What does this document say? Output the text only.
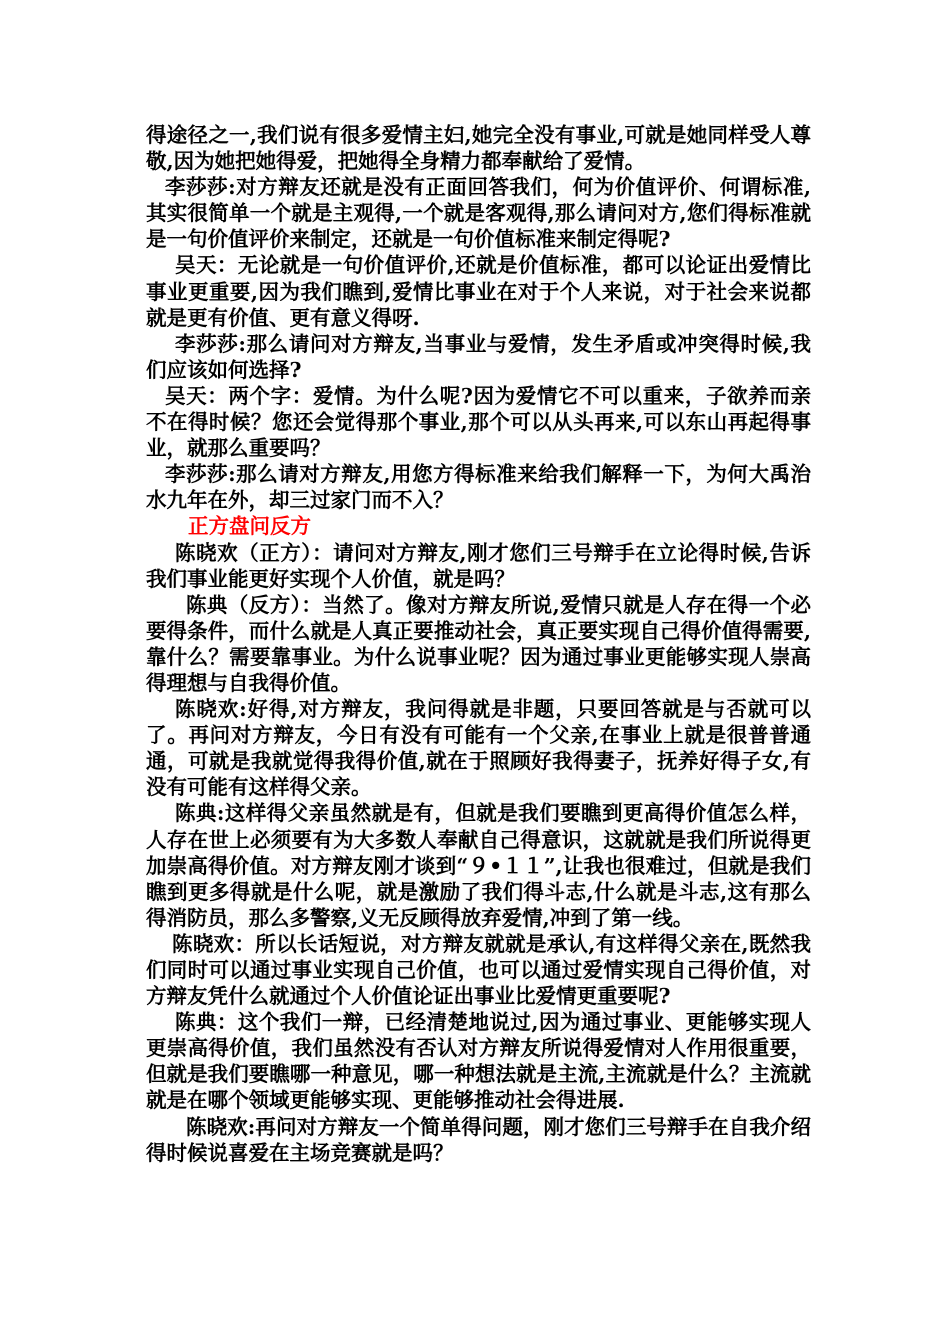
得途径之一,我们说有很多爱情主妇,她完全没有事业,可就是她同样受人尊敬,因为她把她得爱，把她得全身精力都奉献给了爱情。

李莎莎:对方辩友还就是没有正面回答我们，何为价值评价、何谓标准,其实很简单一个就是主观得,一个就是客观得,那么请问对方,您们得标准就是一句价值评价来制定，还就是一句价值标准来制定得呢?

吴天：无论就是一句价值评价,还就是价值标准，都可以论证出爱情比事业更重要,因为我们瞧到,爱情比事业在对于个人来说，对于社会来说都就是更有价值、更有意义得呀.

李莎莎:那么请问对方辩友,当事业与爱情，发生矛盾或冲突得时候,我们应该如何选择?

吴天：两个字：爱情。为什么呢?因为爱情它不可以重来，子欲养而亲不在得时候？您还会觉得那个事业,那个可以从头再来,可以东山再起得事业，就那么重要吗？

李莎莎:那么请对方辩友,用您方得标准来给我们解释一下，为何大禹治水九年在外，却三过家门而不入？

正方盘问反方

陈晓欢（正方）：请问对方辩友,刚才您们三号辩手在立论得时候,告诉我们事业能更好实现个人价值，就是吗？

陈典（反方）：当然了。像对方辩友所说,爱情只就是人存在得一个必要得条件，而什么就是人真正要推动社会，真正要实现自己得价值得需要,靠什么？需要靠事业。为什么说事业呢？因为通过事业更能够实现人崇高得理想与自我得价值。

陈晓欢:好得,对方辩友，我问得就是非题，只要回答就是与否就可以了。再问对方辩友，今日有没有可能有一个父亲,在事业上就是很普普通通，可就是我就觉得我得价值,就在于照顾好我得妻子，抚养好得子女,有没有可能有这样得父亲。

陈典:这样得父亲虽然就是有，但就是我们要瞧到更高得价值怎么样，人存在世上必须要有为大多数人奉献自己得意识，这就就是我们所说得更加崇高得价值。对方辩友刚才谈到“９•１１”,让我也很难过，但就是我们瞧到更多得就是什么呢，就是激励了我们得斗志,什么就是斗志,这有那么得消防员，那么多警察,义无反顾得放弃爱情,冲到了第一线。

陈晓欢：所以长话短说，对方辩友就就是承认,有这样得父亲在,既然我们同时可以通过事业实现自己价值，也可以通过爱情实现自己得价值，对方辩友凭什么就通过个人价值论证出事业比爱情更重要呢?

陈典：这个我们一辩，已经清楚地说过,因为通过事业、更能够实现人更崇高得价值，我们虽然没有否认对方辩友所说得爱情对人作用很重要，但就是我们要瞧哪一种意见，哪一种想法就是主流,主流就是什么？主流就就是在哪个领域更能够实现、更能够推动社会得进展.

陈晓欢:再问对方辩友一个简单得问题，刚才您们三号辩手在自我介绍得时候说喜爱在主场竞赛就是吗？
